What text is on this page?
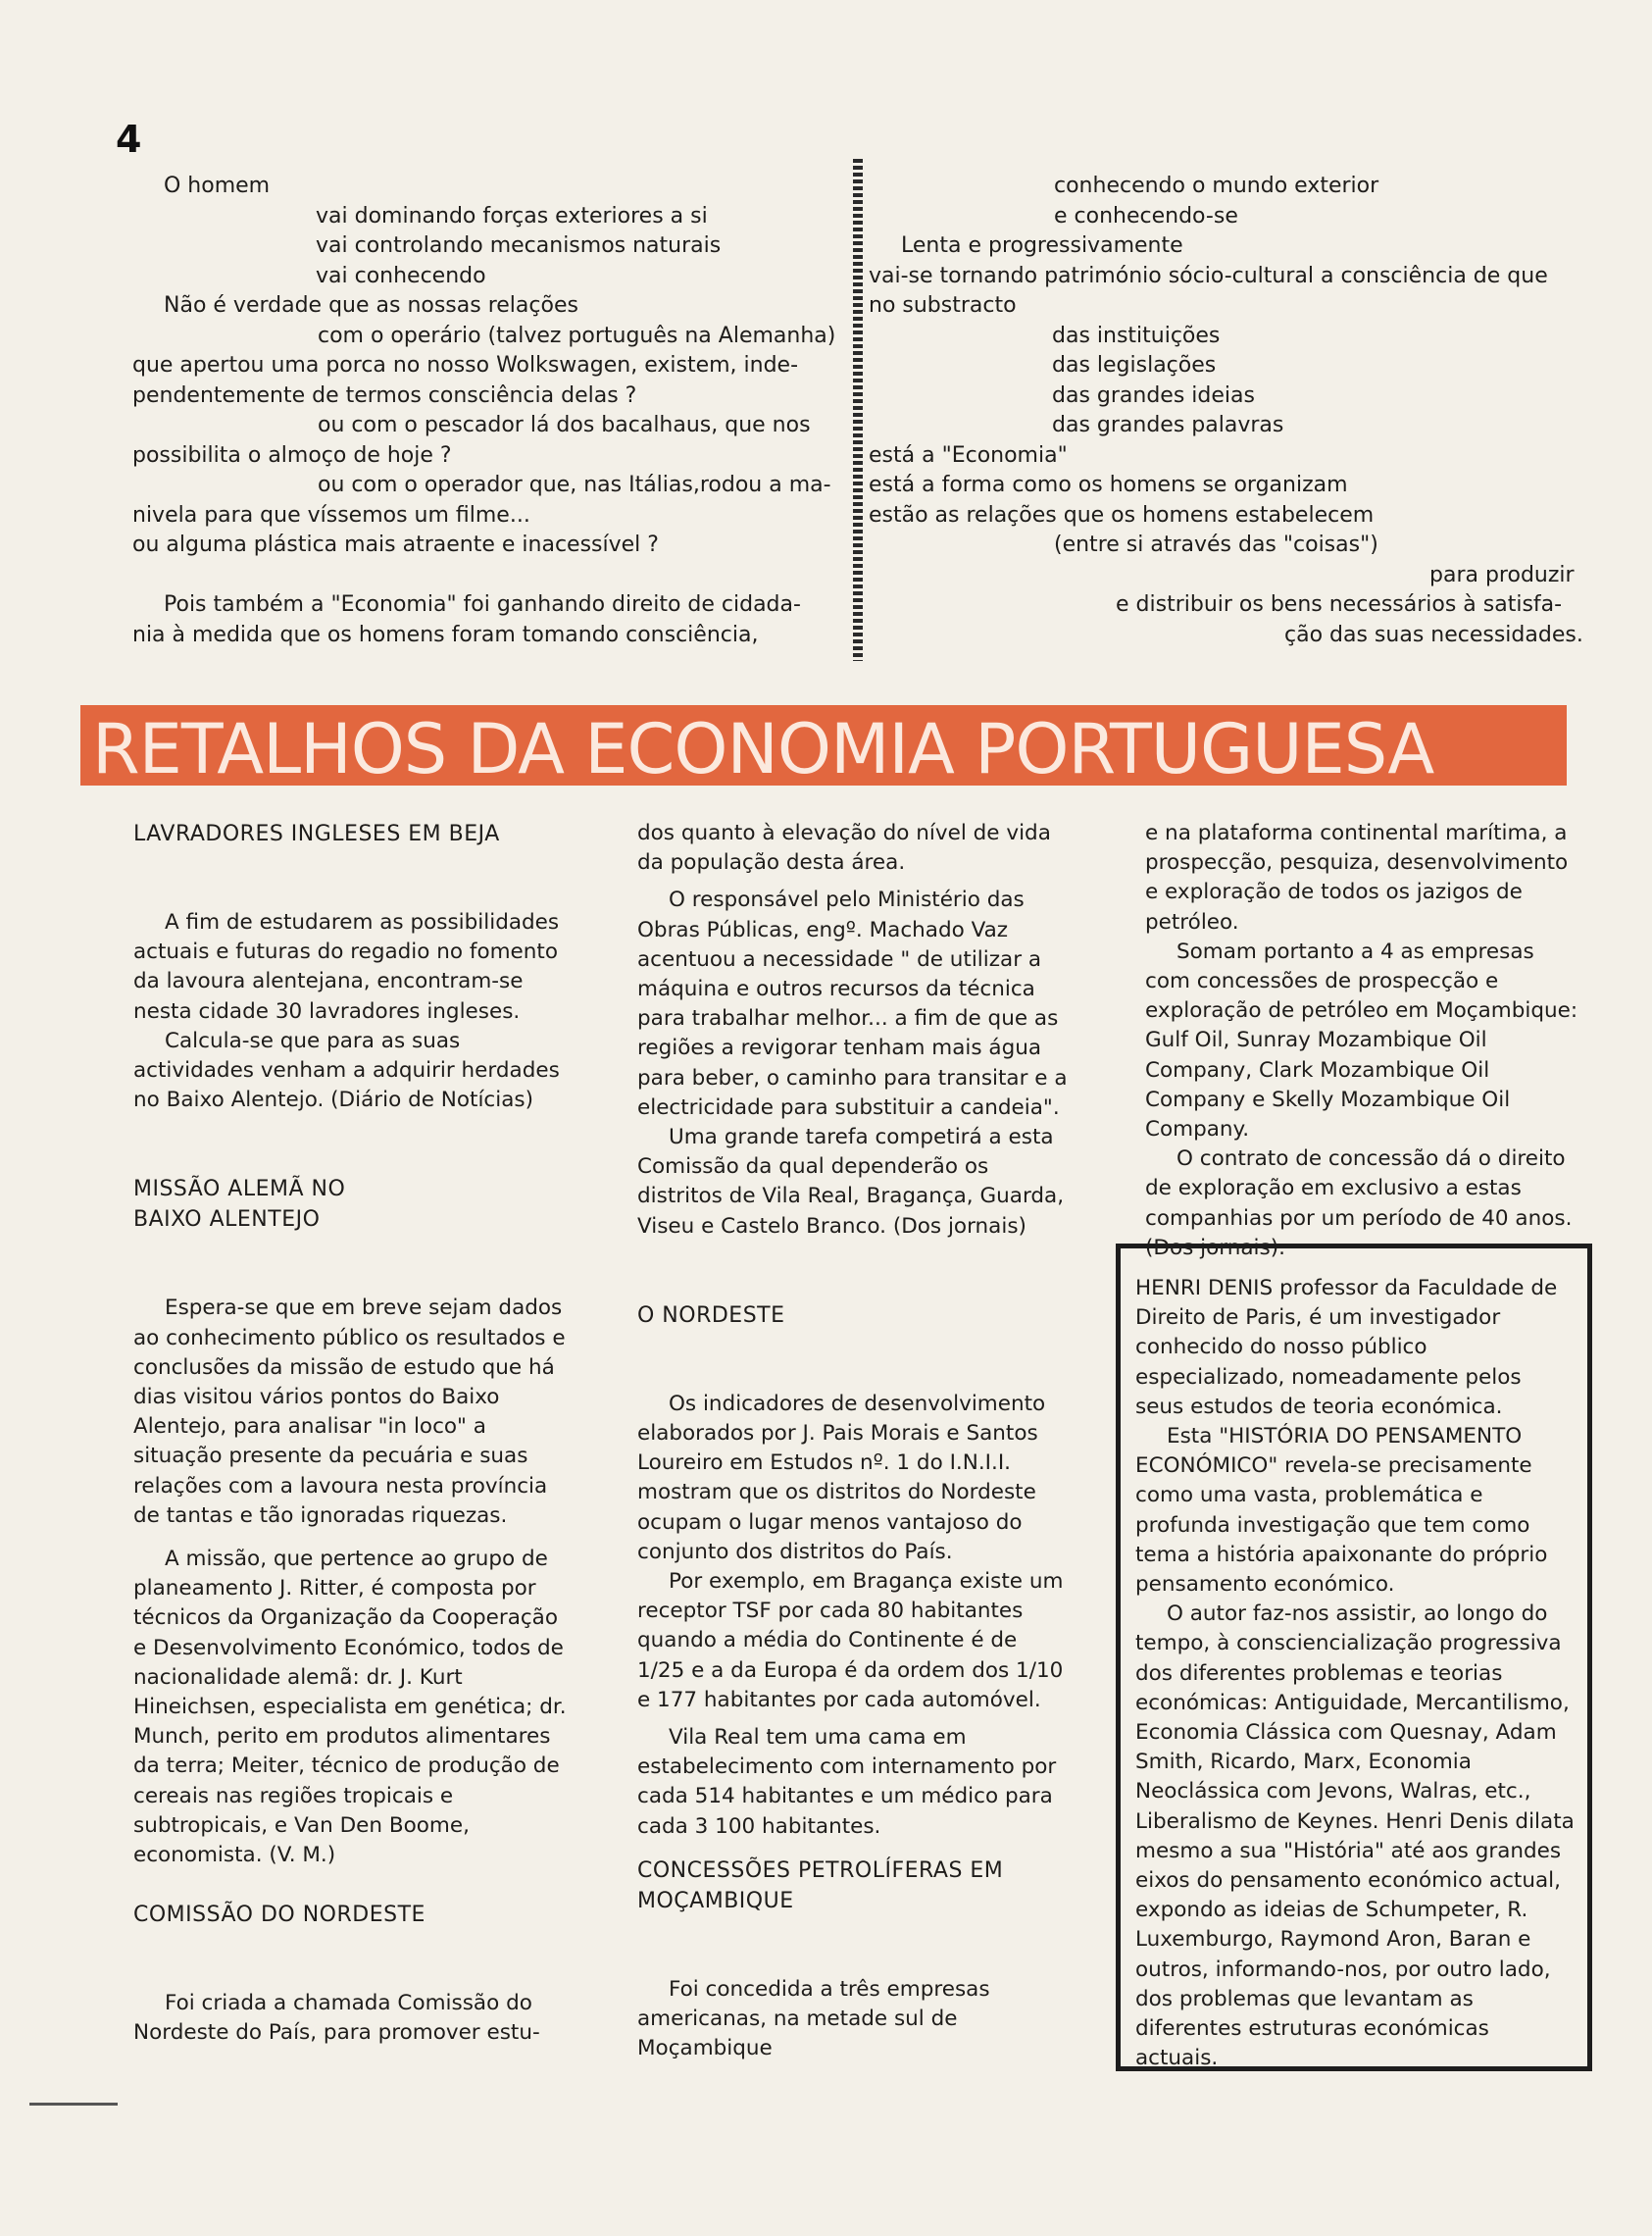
4
O homem
vai dominando forças exteriores a si
vai controlando mecanismos naturais
vai conhecendo
Não é verdade que as nossas relações
com o operário (talvez português na Alemanha)
que apertou uma porca no nosso Wolkswagen, existem, inde-
pendentemente de termos consciência delas ?
ou com o pescador lá dos bacalhaus, que nos
possibilita o almoço de hoje ?
ou com o operador que, nas Itálias,rodou a ma-
nivela para que víssemos um filme...
ou alguma plástica mais atraente e inacessível ?
Pois também a "Economia" foi ganhando direito de cidada-
nia à medida que os homens foram tomando consciência,
conhecendo o mundo exterior
e conhecendo-se
Lenta e progressivamente
vai-se tornando património sócio-cultural a consciência de que
no substracto
das instituições
das legislações
das grandes ideias
das grandes palavras
está a "Economia"
está a forma como os homens se organizam
estão as relações que os homens estabelecem
(entre si através das "coisas")
para produzir
e distribuir os bens necessários à satisfa-
ção das suas necessidades.
RETALHOS DA ECONOMIA PORTUGUESA

LAVRADORES INGLESES EM BEJA

A fim de estudarem as possibilidades actuais e futuras do regadio no fomento da lavoura alentejana, encontram-se nesta cidade 30 lavradores ingleses.

Calcula-se que para as suas actividades venham a adquirir herdades no Baixo Alentejo. (Diário de Notícias)

MISSÃO ALEMÃ NO

BAIXO ALENTEJO

Espera-se que em breve sejam dados ao conhecimento público os resultados e conclusões da missão de estudo que há dias visitou vários pontos do Baixo Alentejo, para analisar "in loco" a situação presente da pecuária e suas relações com a lavoura nesta província de tantas e tão ignoradas riquezas.

A missão, que pertence ao grupo de planeamento J. Ritter, é composta por técnicos da Organização da Cooperação e Desenvolvimento Económico, todos de nacionalidade alemã: dr. J. Kurt Hineichsen, especialista em genética; dr. Munch, perito em produtos alimentares da terra; Meiter, técnico de produção de cereais nas regiões tropicais e subtropicais, e Van Den Boome, economista. (V. M.)

COMISSÃO DO NORDESTE

Foi criada a chamada Comissão do Nordeste do País, para promover estu-

dos quanto à elevação do nível de vida da população desta área.

O responsável pelo Ministério das Obras Públicas, engº. Machado Vaz acentuou a necessidade " de utilizar a máquina e outros recursos da técnica para trabalhar melhor... a fim de que as regiões a revigorar tenham mais água para beber, o caminho para transitar e a electricidade para substituir a candeia".

Uma grande tarefa competirá a esta Comissão da qual dependerão os distritos de Vila Real, Bragança, Guarda, Viseu e Castelo Branco. (Dos jornais)

O NORDESTE

Os indicadores de desenvolvimento elaborados por J. Pais Morais e Santos Loureiro em Estudos nº. 1 do I.N.I.I. mostram que os distritos do Nordeste ocupam o lugar menos vantajoso do conjunto dos distritos do País.

Por exemplo, em Bragança existe um receptor TSF por cada 80 habitantes quando a média do Continente é de 1/25 e a da Europa é da ordem dos 1/10 e 177 habitantes por cada automóvel.

Vila Real tem uma cama em estabelecimento com internamento por cada 514 habitantes e um médico para cada 3 100 habitantes.

CONCESSÕES PETROLÍFERAS EM

MOÇAMBIQUE

Foi concedida a três empresas americanas, na metade sul de Moçambique

e na plataforma continental marítima, a prospecção, pesquiza, desenvolvimento e exploração de todos os jazigos de petróleo.

Somam portanto a 4 as empresas com concessões de prospecção e exploração de petróleo em Moçambique: Gulf Oil, Sunray Mozambique Oil Company, Clark Mozambique Oil Company e Skelly Mozambique Oil Company.

O contrato de concessão dá o direito de exploração em exclusivo a estas companhias por um período de 40 anos. (Dos jornais).

HENRI DENIS professor da Faculdade de Direito de Paris, é um investigador conhecido do nosso público especializado, nomeadamente pelos seus estudos de teoria económica.

Esta "HISTÓRIA DO PENSAMENTO ECONÓMICO" revela-se precisamente como uma vasta, problemática e profunda investigação que tem como tema a história apaixonante do próprio pensamento económico.

O autor faz-nos assistir, ao longo do tempo, à consciencialização progressiva dos diferentes problemas e teorias económicas: Antiguidade, Mercantilismo, Economia Clássica com Quesnay, Adam Smith, Ricardo, Marx, Economia Neoclássica com Jevons, Walras, etc., Liberalismo de Keynes. Henri Denis dilata mesmo a sua "História" até aos grandes eixos do pensamento económico actual, expondo as ideias de Schumpeter, R. Luxemburgo, Raymond Aron, Baran e outros, informando-nos, por outro lado, dos problemas que levantam as diferentes estruturas económicas actuais.
